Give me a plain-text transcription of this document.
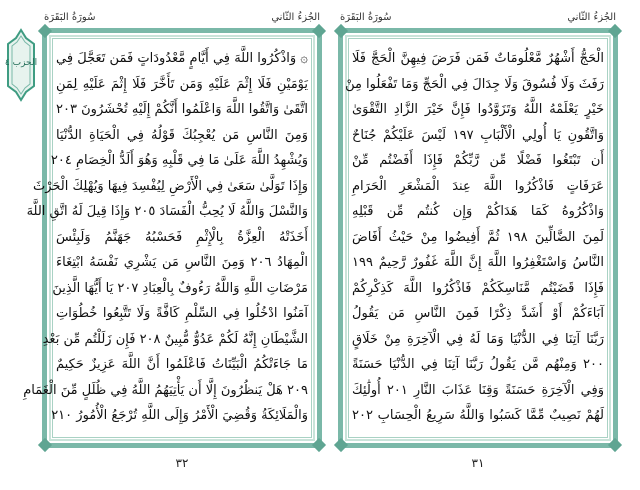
الحزب ٤
الجُزءُ الثّاني
سُورَةُ البَقَرَة
۞ وَاذْكُرُوا اللَّهَ فِي أَيَّامٍ مَّعْدُودَاتٍ فَمَن تَعَجَّلَ فِي
يَوْمَيْنِ فَلَا إِثْمَ عَلَيْهِ وَمَن تَأَخَّرَ فَلَا إِثْمَ عَلَيْهِ لِمَنِ
اتَّقَىٰ وَاتَّقُوا اللَّهَ وَاعْلَمُوا أَنَّكُمْ إِلَيْهِ تُحْشَرُونَ ٢٠٣
وَمِنَ النَّاسِ مَن يُعْجِبُكَ قَوْلُهُ فِي الْحَيَاةِ الدُّنْيَا
وَيُشْهِدُ اللَّهَ عَلَىٰ مَا فِي قَلْبِهِ وَهُوَ أَلَدُّ الْخِصَامِ ٢٠٤
وَإِذَا تَوَلَّىٰ سَعَىٰ فِي الْأَرْضِ لِيُفْسِدَ فِيهَا وَيُهْلِكَ الْحَرْثَ
وَالنَّسْلَ وَاللَّهُ لَا يُحِبُّ الْفَسَادَ ٢٠٥ وَإِذَا قِيلَ لَهُ اتَّقِ اللَّهَ
أَخَذَتْهُ الْعِزَّةُ بِالْإِثْمِ فَحَسْبُهُ جَهَنَّمُ وَلَبِئْسَ
الْمِهَادُ ٢٠٦ وَمِنَ النَّاسِ مَن يَشْرِي نَفْسَهُ ابْتِغَاءَ
مَرْضَاتِ اللَّهِ وَاللَّهُ رَءُوفٌ بِالْعِبَادِ ٢٠٧ يَا أَيُّهَا الَّذِينَ
آمَنُوا ادْخُلُوا فِي السِّلْمِ كَافَّةً وَلَا تَتَّبِعُوا خُطُوَاتِ
الشَّيْطَانِ إِنَّهُ لَكُمْ عَدُوٌّ مُّبِينٌ ٢٠٨ فَإِن زَلَلْتُم مِّن بَعْدِ
مَا جَاءَتْكُمُ الْبَيِّنَاتُ فَاعْلَمُوا أَنَّ اللَّهَ عَزِيزٌ حَكِيمٌ
٢٠٩ هَلْ يَنظُرُونَ إِلَّا أَن يَأْتِيَهُمُ اللَّهُ فِي ظُلَلٍ مِّنَ الْغَمَامِ
وَالْمَلَائِكَةُ وَقُضِيَ الْأَمْرُ وَإِلَى اللَّهِ تُرْجَعُ الْأُمُورُ ٢١٠
٣٢
الجُزءُ الثّاني
سُورَةُ البَقَرَة
الْحَجُّ أَشْهُرٌ مَّعْلُومَاتٌ فَمَن فَرَضَ فِيهِنَّ الْحَجَّ فَلَا
رَفَثَ وَلَا فُسُوقَ وَلَا جِدَالَ فِي الْحَجِّ وَمَا تَفْعَلُوا مِنْ
خَيْرٍ يَعْلَمْهُ اللَّهُ وَتَزَوَّدُوا فَإِنَّ خَيْرَ الزَّادِ التَّقْوَىٰ
وَاتَّقُونِ يَا أُولِي الْأَلْبَابِ ١٩٧ لَيْسَ عَلَيْكُمْ جُنَاحٌ
أَن تَبْتَغُوا فَضْلًا مِّن رَّبِّكُمْ فَإِذَا أَفَضْتُم مِّنْ
عَرَفَاتٍ فَاذْكُرُوا اللَّهَ عِندَ الْمَشْعَرِ الْحَرَامِ
وَاذْكُرُوهُ كَمَا هَدَاكُمْ وَإِن كُنتُم مِّن قَبْلِهِ
لَمِنَ الضَّالِّينَ ١٩٨ ثُمَّ أَفِيضُوا مِنْ حَيْثُ أَفَاضَ
النَّاسُ وَاسْتَغْفِرُوا اللَّهَ إِنَّ اللَّهَ غَفُورٌ رَّحِيمٌ ١٩٩
فَإِذَا قَضَيْتُم مَّنَاسِكَكُمْ فَاذْكُرُوا اللَّهَ كَذِكْرِكُمْ
آبَاءَكُمْ أَوْ أَشَدَّ ذِكْرًا فَمِنَ النَّاسِ مَن يَقُولُ
رَبَّنَا آتِنَا فِي الدُّنْيَا وَمَا لَهُ فِي الْآخِرَةِ مِنْ خَلَاقٍ
٢٠٠ وَمِنْهُم مَّن يَقُولُ رَبَّنَا آتِنَا فِي الدُّنْيَا حَسَنَةً
وَفِي الْآخِرَةِ حَسَنَةً وَقِنَا عَذَابَ النَّارِ ٢٠١ أُولَٰئِكَ
لَهُمْ نَصِيبٌ مِّمَّا كَسَبُوا وَاللَّهُ سَرِيعُ الْحِسَابِ ٢٠٢
٣١
